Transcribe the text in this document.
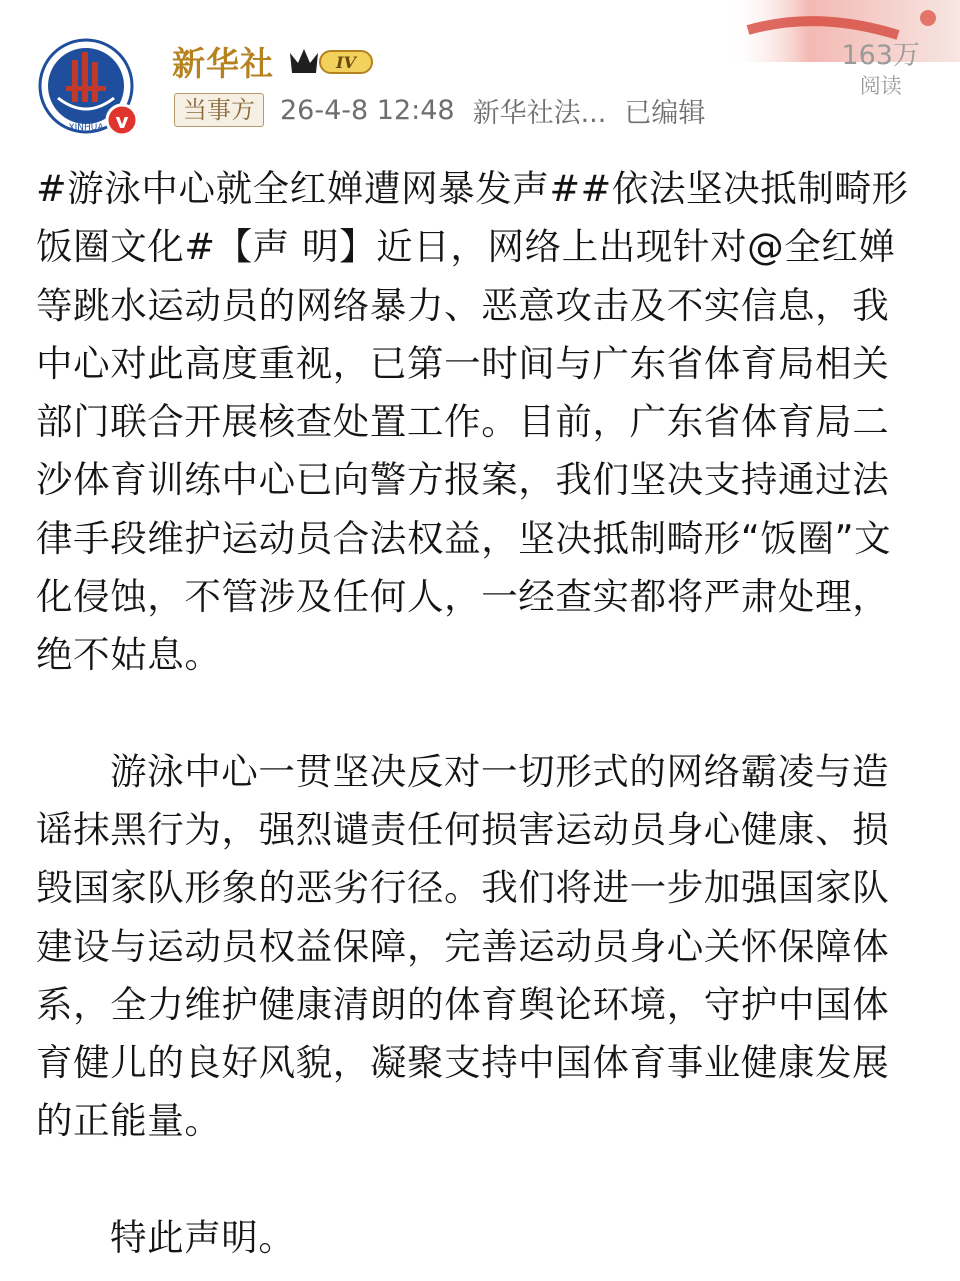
XINHUA v
新华社	IV
当事方 26-4-8 12:48 新华社法... 已编辑
163万
阅读

#游泳中心就全红婵遭网暴发声##依法坚决抵制畸形饭圈文化#【声 明】近日，网络上出现针对@全红婵 等跳水运动员的网络暴力、恶意攻击及不实信息，我中心对此高度重视，已第一时间与广东省体育局相关部门联合开展核查处置工作。目前，广东省体育局二沙体育训练中心已向警方报案，我们坚决支持通过法律手段维护运动员合法权益，坚决抵制畸形“饭圈”文化侵蚀，不管涉及任何人，一经查实都将严肃处理，绝不姑息。

游泳中心一贯坚决反对一切形式的网络霸凌与造谣抹黑行为，强烈谴责任何损害运动员身心健康、损毁国家队形象的恶劣行径。我们将进一步加强国家队建设与运动员权益保障，完善运动员身心关怀保障体系，全力维护健康清朗的体育舆论环境，守护中国体育健儿的良好风貌，凝聚支持中国体育事业健康发展的正能量。

特此声明。
